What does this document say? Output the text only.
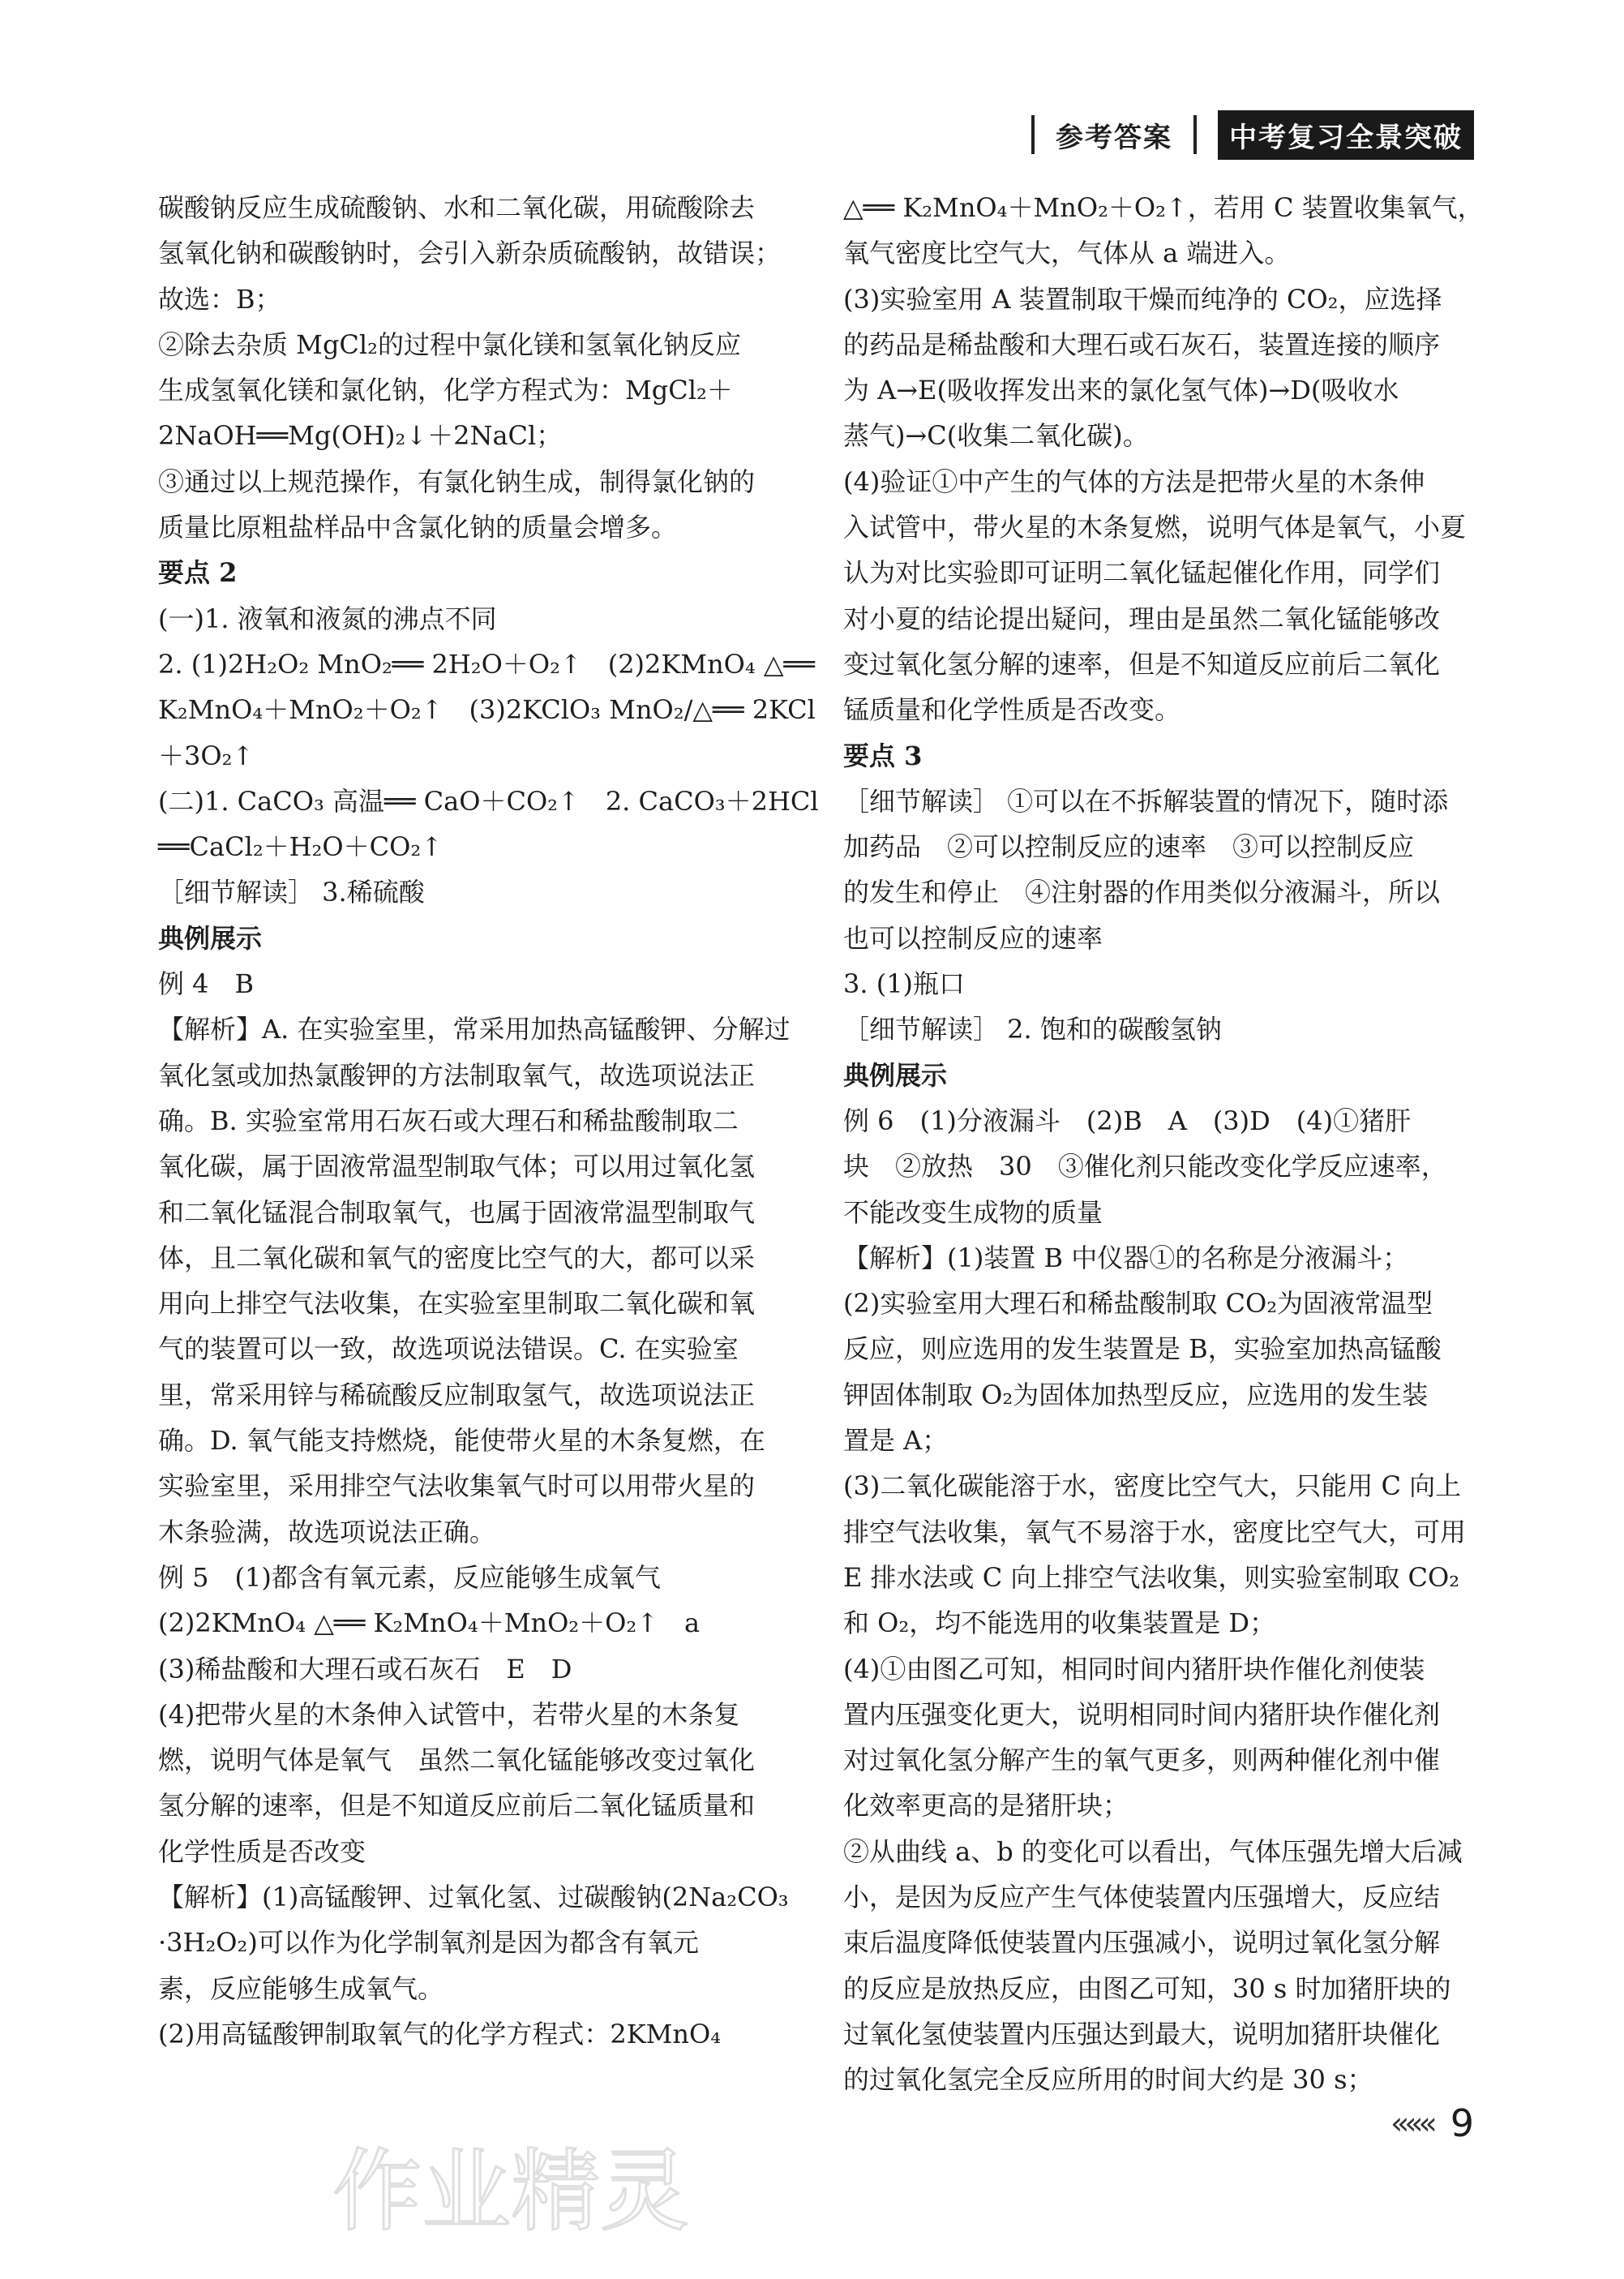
参考答案	中考复习全景突破

碳酸钠反应生成硫酸钠、水和二氧化碳，用硫酸除去

氢氧化钠和碳酸钠时，会引入新杂质硫酸钠，故错误；

故选：B；

②除去杂质 MgCl₂的过程中氯化镁和氢氧化钠反应

生成氢氧化镁和氯化钠，化学方程式为：MgCl₂＋

2NaOH══Mg(OH)₂↓＋2NaCl；

③通过以上规范操作，有氯化钠生成，制得氯化钠的

质量比原粗盐样品中含氯化钠的质量会增多。

要点 2

(一)1. 液氧和液氮的沸点不同

2. (1)2H₂O₂ MnO₂══ 2H₂O＋O₂↑　(2)2KMnO₄ △══

K₂MnO₄＋MnO₂＋O₂↑　(3)2KClO₃ MnO₂/△══ 2KCl

＋3O₂↑

(二)1. CaCO₃ 高温══ CaO＋CO₂↑　2. CaCO₃＋2HCl

══CaCl₂＋H₂O＋CO₂↑

［细节解读］ 3.稀硫酸

典例展示

例 4　B

【解析】A. 在实验室里，常采用加热高锰酸钾、分解过

氧化氢或加热氯酸钾的方法制取氧气，故选项说法正

确。B. 实验室常用石灰石或大理石和稀盐酸制取二

氧化碳，属于固液常温型制取气体；可以用过氧化氢

和二氧化锰混合制取氧气，也属于固液常温型制取气

体，且二氧化碳和氧气的密度比空气的大，都可以采

用向上排空气法收集，在实验室里制取二氧化碳和氧

气的装置可以一致，故选项说法错误。C. 在实验室

里，常采用锌与稀硫酸反应制取氢气，故选项说法正

确。D. 氧气能支持燃烧，能使带火星的木条复燃，在

实验室里，采用排空气法收集氧气时可以用带火星的

木条验满，故选项说法正确。

例 5　(1)都含有氧元素，反应能够生成氧气

(2)2KMnO₄ △══ K₂MnO₄＋MnO₂＋O₂↑　a

(3)稀盐酸和大理石或石灰石　E　D

(4)把带火星的木条伸入试管中，若带火星的木条复

燃，说明气体是氧气　虽然二氧化锰能够改变过氧化

氢分解的速率，但是不知道反应前后二氧化锰质量和

化学性质是否改变

【解析】(1)高锰酸钾、过氧化氢、过碳酸钠(2Na₂CO₃

·3H₂O₂)可以作为化学制氧剂是因为都含有氧元

素，反应能够生成氧气。

(2)用高锰酸钾制取氧气的化学方程式：2KMnO₄

△══ K₂MnO₄＋MnO₂＋O₂↑，若用 C 装置收集氧气，

氧气密度比空气大，气体从 a 端进入。

(3)实验室用 A 装置制取干燥而纯净的 CO₂，应选择

的药品是稀盐酸和大理石或石灰石，装置连接的顺序

为 A→E(吸收挥发出来的氯化氢气体)→D(吸收水

蒸气)→C(收集二氧化碳)。

(4)验证①中产生的气体的方法是把带火星的木条伸

入试管中，带火星的木条复燃，说明气体是氧气，小夏

认为对比实验即可证明二氧化锰起催化作用，同学们

对小夏的结论提出疑问，理由是虽然二氧化锰能够改

变过氧化氢分解的速率，但是不知道反应前后二氧化

锰质量和化学性质是否改变。

要点 3

［细节解读］ ①可以在不拆解装置的情况下，随时添

加药品　②可以控制反应的速率　③可以控制反应

的发生和停止　④注射器的作用类似分液漏斗，所以

也可以控制反应的速率

3. (1)瓶口

［细节解读］ 2. 饱和的碳酸氢钠

典例展示

例 6　(1)分液漏斗　(2)B　A　(3)D　(4)①猪肝

块　②放热　30　③催化剂只能改变化学反应速率，

不能改变生成物的质量

【解析】(1)装置 B 中仪器①的名称是分液漏斗；

(2)实验室用大理石和稀盐酸制取 CO₂为固液常温型

反应，则应选用的发生装置是 B，实验室加热高锰酸

钾固体制取 O₂为固体加热型反应，应选用的发生装

置是 A；

(3)二氧化碳能溶于水，密度比空气大，只能用 C 向上

排空气法收集，氧气不易溶于水，密度比空气大，可用

E 排水法或 C 向上排空气法收集，则实验室制取 CO₂

和 O₂，均不能选用的收集装置是 D；

(4)①由图乙可知，相同时间内猪肝块作催化剂使装

置内压强变化更大，说明相同时间内猪肝块作催化剂

对过氧化氢分解产生的氧气更多，则两种催化剂中催

化效率更高的是猪肝块；

②从曲线 a、b 的变化可以看出，气体压强先增大后减

小，是因为反应产生气体使装置内压强增大，反应结

束后温度降低使装置内压强减小，说明过氧化氢分解

的反应是放热反应，由图乙可知，30 s 时加猪肝块的

过氧化氢使装置内压强达到最大，说明加猪肝块催化

的过氧化氢完全反应所用的时间大约是 30 s；

««« 9
作业精灵
